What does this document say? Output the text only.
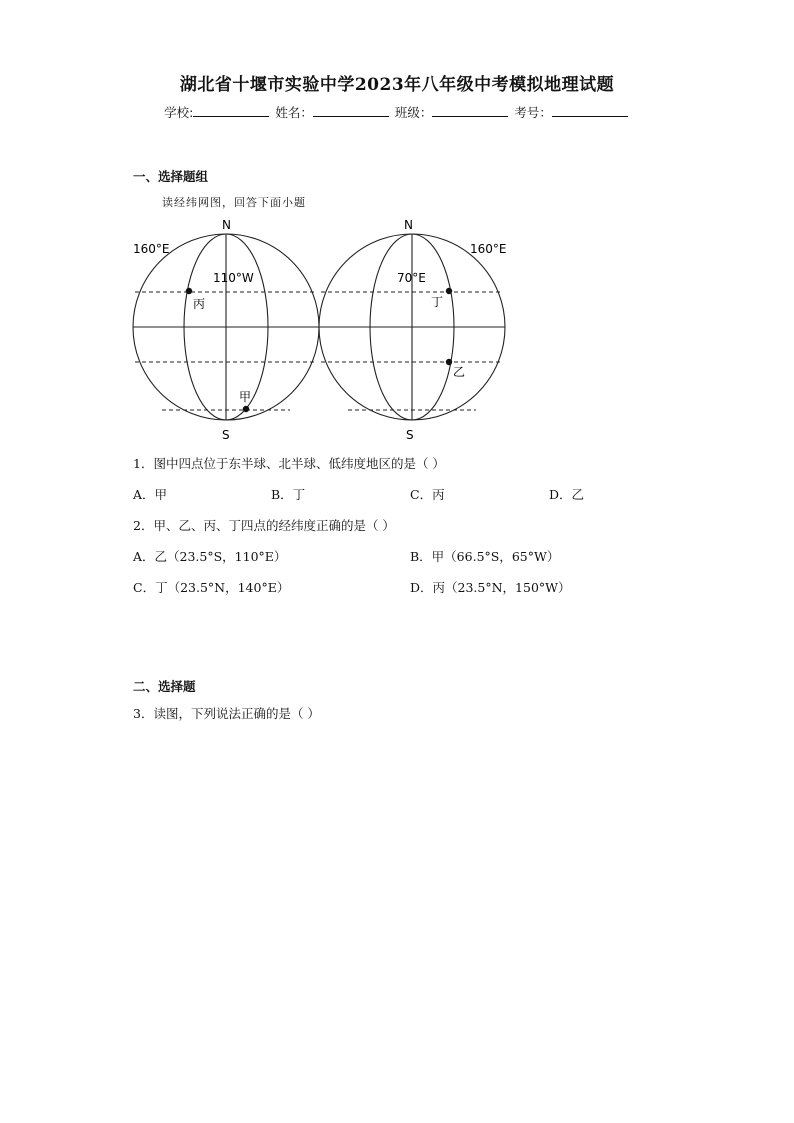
湖北省十堰市实验中学2023年八年级中考模拟地理试题
学校:	姓名：	班级：	考号：
一、选择题组
读经纬网图，回答下面小题
N
S
160°E
110°W
丙
甲
N
S
160°E
70°E
丁
乙
1．图中四点位于东半球、北半球、低纬度地区的是（ ）
A．甲	B．丁	C．丙	D．乙
2．甲、乙、丙、丁四点的经纬度正确的是（ ）
A．乙（23.5°S，110°E）	B．甲（66.5°S，65°W）
C．丁（23.5°N，140°E）	D．丙（23.5°N，150°W）
二、选择题
3．读图，下列说法正确的是（ ）
